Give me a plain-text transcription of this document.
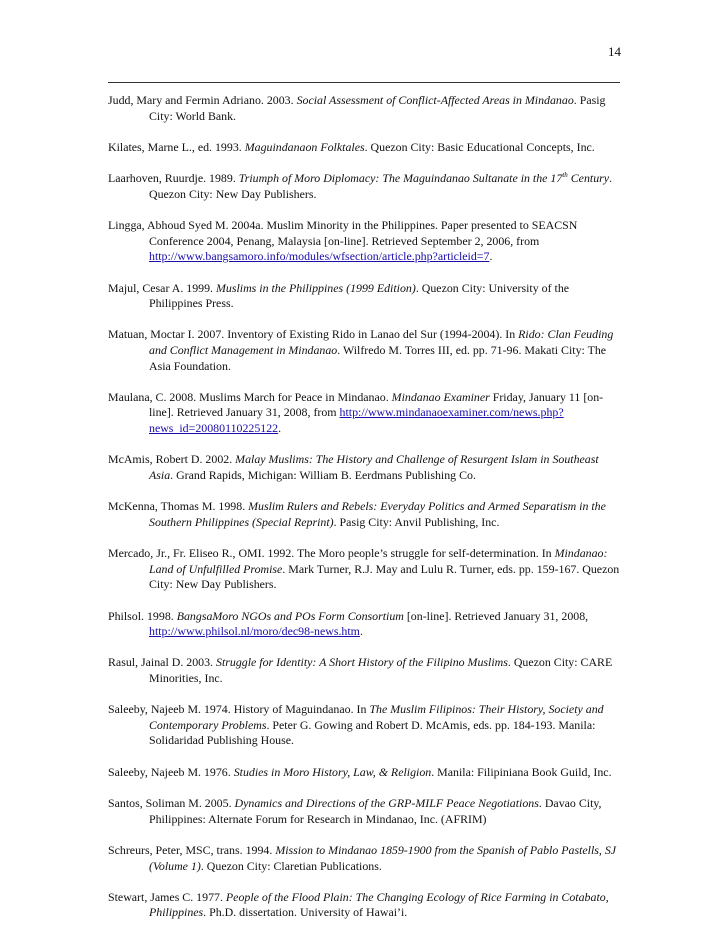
14

Judd, Mary and Fermin Adriano. 2003. Social Assessment of Conflict-Affected Areas in Mindanao. Pasig City: World Bank.

Kilates, Marne L., ed. 1993. Maguindanaon Folktales. Quezon City: Basic Educational Concepts, Inc.

Laarhoven, Ruurdje. 1989. Triumph of Moro Diplomacy: The Maguindanao Sultanate in the 17th Century. Quezon City: New Day Publishers.

Lingga, Abhoud Syed M. 2004a. Muslim Minority in the Philippines. Paper presented to SEACSN Conference 2004, Penang, Malaysia [on-line]. Retrieved September 2, 2006, from http://www.bangsamoro.info/modules/wfsection/article.php?articleid=7.

Majul, Cesar A. 1999. Muslims in the Philippines (1999 Edition). Quezon City: University of the Philippines Press.

Matuan, Moctar I. 2007. Inventory of Existing Rido in Lanao del Sur (1994-2004). In Rido: Clan Feuding and Conflict Management in Mindanao. Wilfredo M. Torres III, ed. pp. 71-96. Makati City: The Asia Foundation.

Maulana, C. 2008. Muslims March for Peace in Mindanao. Mindanao Examiner Friday, January 11 [on-line]. Retrieved January 31, 2008, from http://www.mindanaoexaminer.com/news.php?news_id=20080110225122.

McAmis, Robert D. 2002. Malay Muslims: The History and Challenge of Resurgent Islam in Southeast Asia. Grand Rapids, Michigan: William B. Eerdmans Publishing Co.

McKenna, Thomas M. 1998. Muslim Rulers and Rebels: Everyday Politics and Armed Separatism in the Southern Philippines (Special Reprint). Pasig City: Anvil Publishing, Inc.

Mercado, Jr., Fr. Eliseo R., OMI. 1992. The Moro people’s struggle for self-determination. In Mindanao: Land of Unfulfilled Promise. Mark Turner, R.J. May and Lulu R. Turner, eds. pp. 159-167. Quezon City: New Day Publishers.

Philsol. 1998. BangsaMoro NGOs and POs Form Consortium [on-line]. Retrieved January 31, 2008, http://www.philsol.nl/moro/dec98-news.htm.

Rasul, Jainal D. 2003. Struggle for Identity: A Short History of the Filipino Muslims. Quezon City: CARE Minorities, Inc.

Saleeby, Najeeb M. 1974. History of Maguindanao. In The Muslim Filipinos: Their History, Society and Contemporary Problems. Peter G. Gowing and Robert D. McAmis, eds. pp. 184-193. Manila: Solidaridad Publishing House.

Saleeby, Najeeb M. 1976. Studies in Moro History, Law, & Religion. Manila: Filipiniana Book Guild, Inc.

Santos, Soliman M. 2005. Dynamics and Directions of the GRP-MILF Peace Negotiations. Davao City, Philippines: Alternate Forum for Research in Mindanao, Inc. (AFRIM)

Schreurs, Peter, MSC, trans. 1994. Mission to Mindanao 1859-1900 from the Spanish of Pablo Pastells, SJ (Volume 1). Quezon City: Claretian Publications.

Stewart, James C. 1977. People of the Flood Plain: The Changing Ecology of Rice Farming in Cotabato, Philippines. Ph.D. dissertation. University of Hawai’i.
